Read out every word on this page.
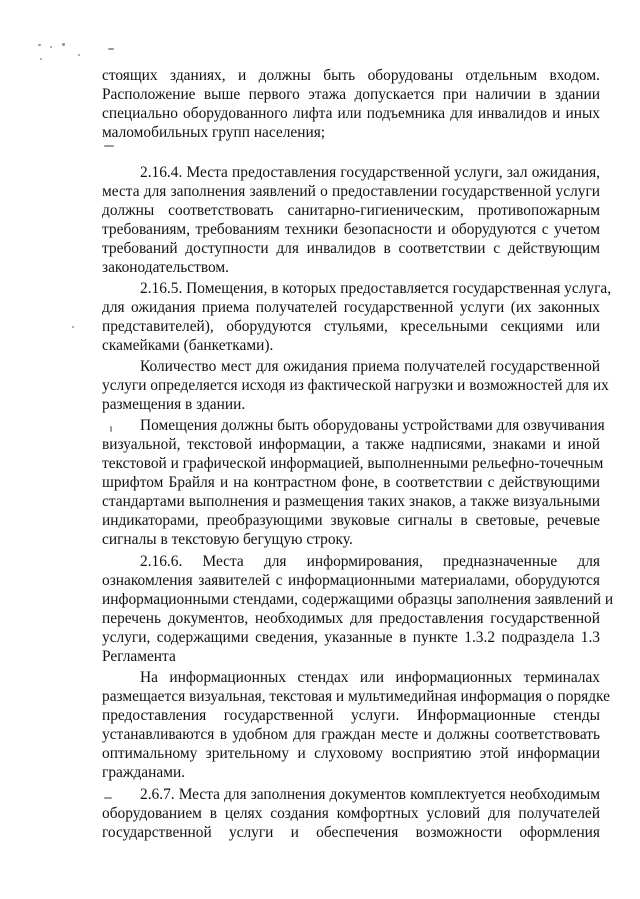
стоящих зданиях, и должны быть оборудованы отдельным входом.
Расположение выше первого этажа допускается при наличии в здании
специально оборудованного лифта или подъемника для инвалидов и иных
маломобильных групп населения;
2.16.4. Места предоставления государственной услуги, зал ожидания,
места для заполнения заявлений о предоставлении государственной услуги
должны соответствовать санитарно-гигиеническим, противопожарным
требованиям, требованиям техники безопасности и оборудуются с учетом
требований доступности для инвалидов в соответствии с действующим
законодательством.
2.16.5. Помещения, в которых предоставляется государственная услуга,
для ожидания приема получателей государственной услуги (их законных
представителей), оборудуются стульями, кресельными секциями или
скамейками (банкетками).
Количество мест для ожидания приема получателей государственной
услуги определяется исходя из фактической нагрузки и возможностей для их
размещения в здании.
Помещения должны быть оборудованы устройствами для озвучивания
визуальной, текстовой информации, а также надписями, знаками и иной
текстовой и графической информацией, выполненными рельефно-точечным
шрифтом Брайля и на контрастном фоне, в соответствии с действующими
стандартами выполнения и размещения таких знаков, а также визуальными
индикаторами, преобразующими звуковые сигналы в световые, речевые
сигналы в текстовую бегущую строку.
2.16.6. Места для информирования, предназначенные для
ознакомления заявителей с информационными материалами, оборудуются
информационными стендами, содержащими образцы заполнения заявлений и
перечень документов, необходимых для предоставления государственной
услуги, содержащими сведения, указанные в пункте 1.3.2 подраздела 1.3
Регламента
На информационных стендах или информационных терминалах
размещается визуальная, текстовая и мультимедийная информация о порядке
предоставления государственной услуги. Информационные стенды
устанавливаются в удобном для граждан месте и должны соответствовать
оптимальному зрительному и слуховому восприятию этой информации
гражданами.
2.6.7. Места для заполнения документов комплектуется необходимым
оборудованием в целях создания комфортных условий для получателей
государственной услуги и обеспечения возможности оформления
